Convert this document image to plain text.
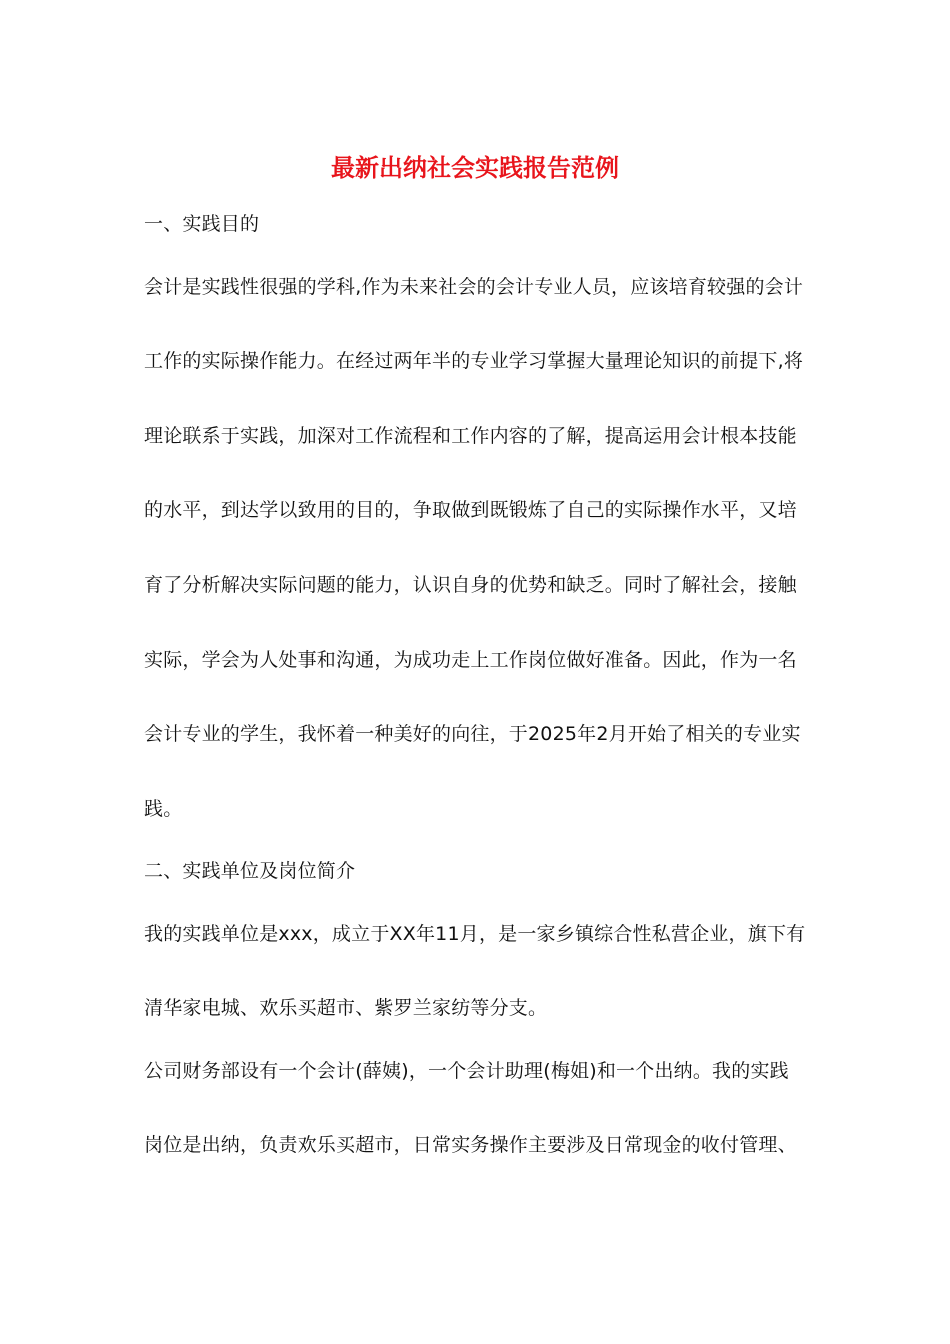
最新出纳社会实践报告范例
一、实践目的
会计是实践性很强的学科,作为未来社会的会计专业人员，应该培育较强的会计
工作的实际操作能力。在经过两年半的专业学习掌握大量理论知识的前提下,将
理论联系于实践，加深对工作流程和工作内容的了解，提高运用会计根本技能
的水平，到达学以致用的目的，争取做到既锻炼了自己的实际操作水平，又培
育了分析解决实际问题的能力，认识自身的优势和缺乏。同时了解社会，接触
实际，学会为人处事和沟通，为成功走上工作岗位做好准备。因此，作为一名
会计专业的学生，我怀着一种美好的向往，于2025年2月开始了相关的专业实
践。
二、实践单位及岗位简介
我的实践单位是xxx，成立于XX年11月，是一家乡镇综合性私营企业，旗下有
清华家电城、欢乐买超市、紫罗兰家纺等分支。
公司财务部设有一个会计(薛姨)，一个会计助理(梅姐)和一个出纳。我的实践
岗位是出纳，负责欢乐买超市，日常实务操作主要涉及日常现金的收付管理、
